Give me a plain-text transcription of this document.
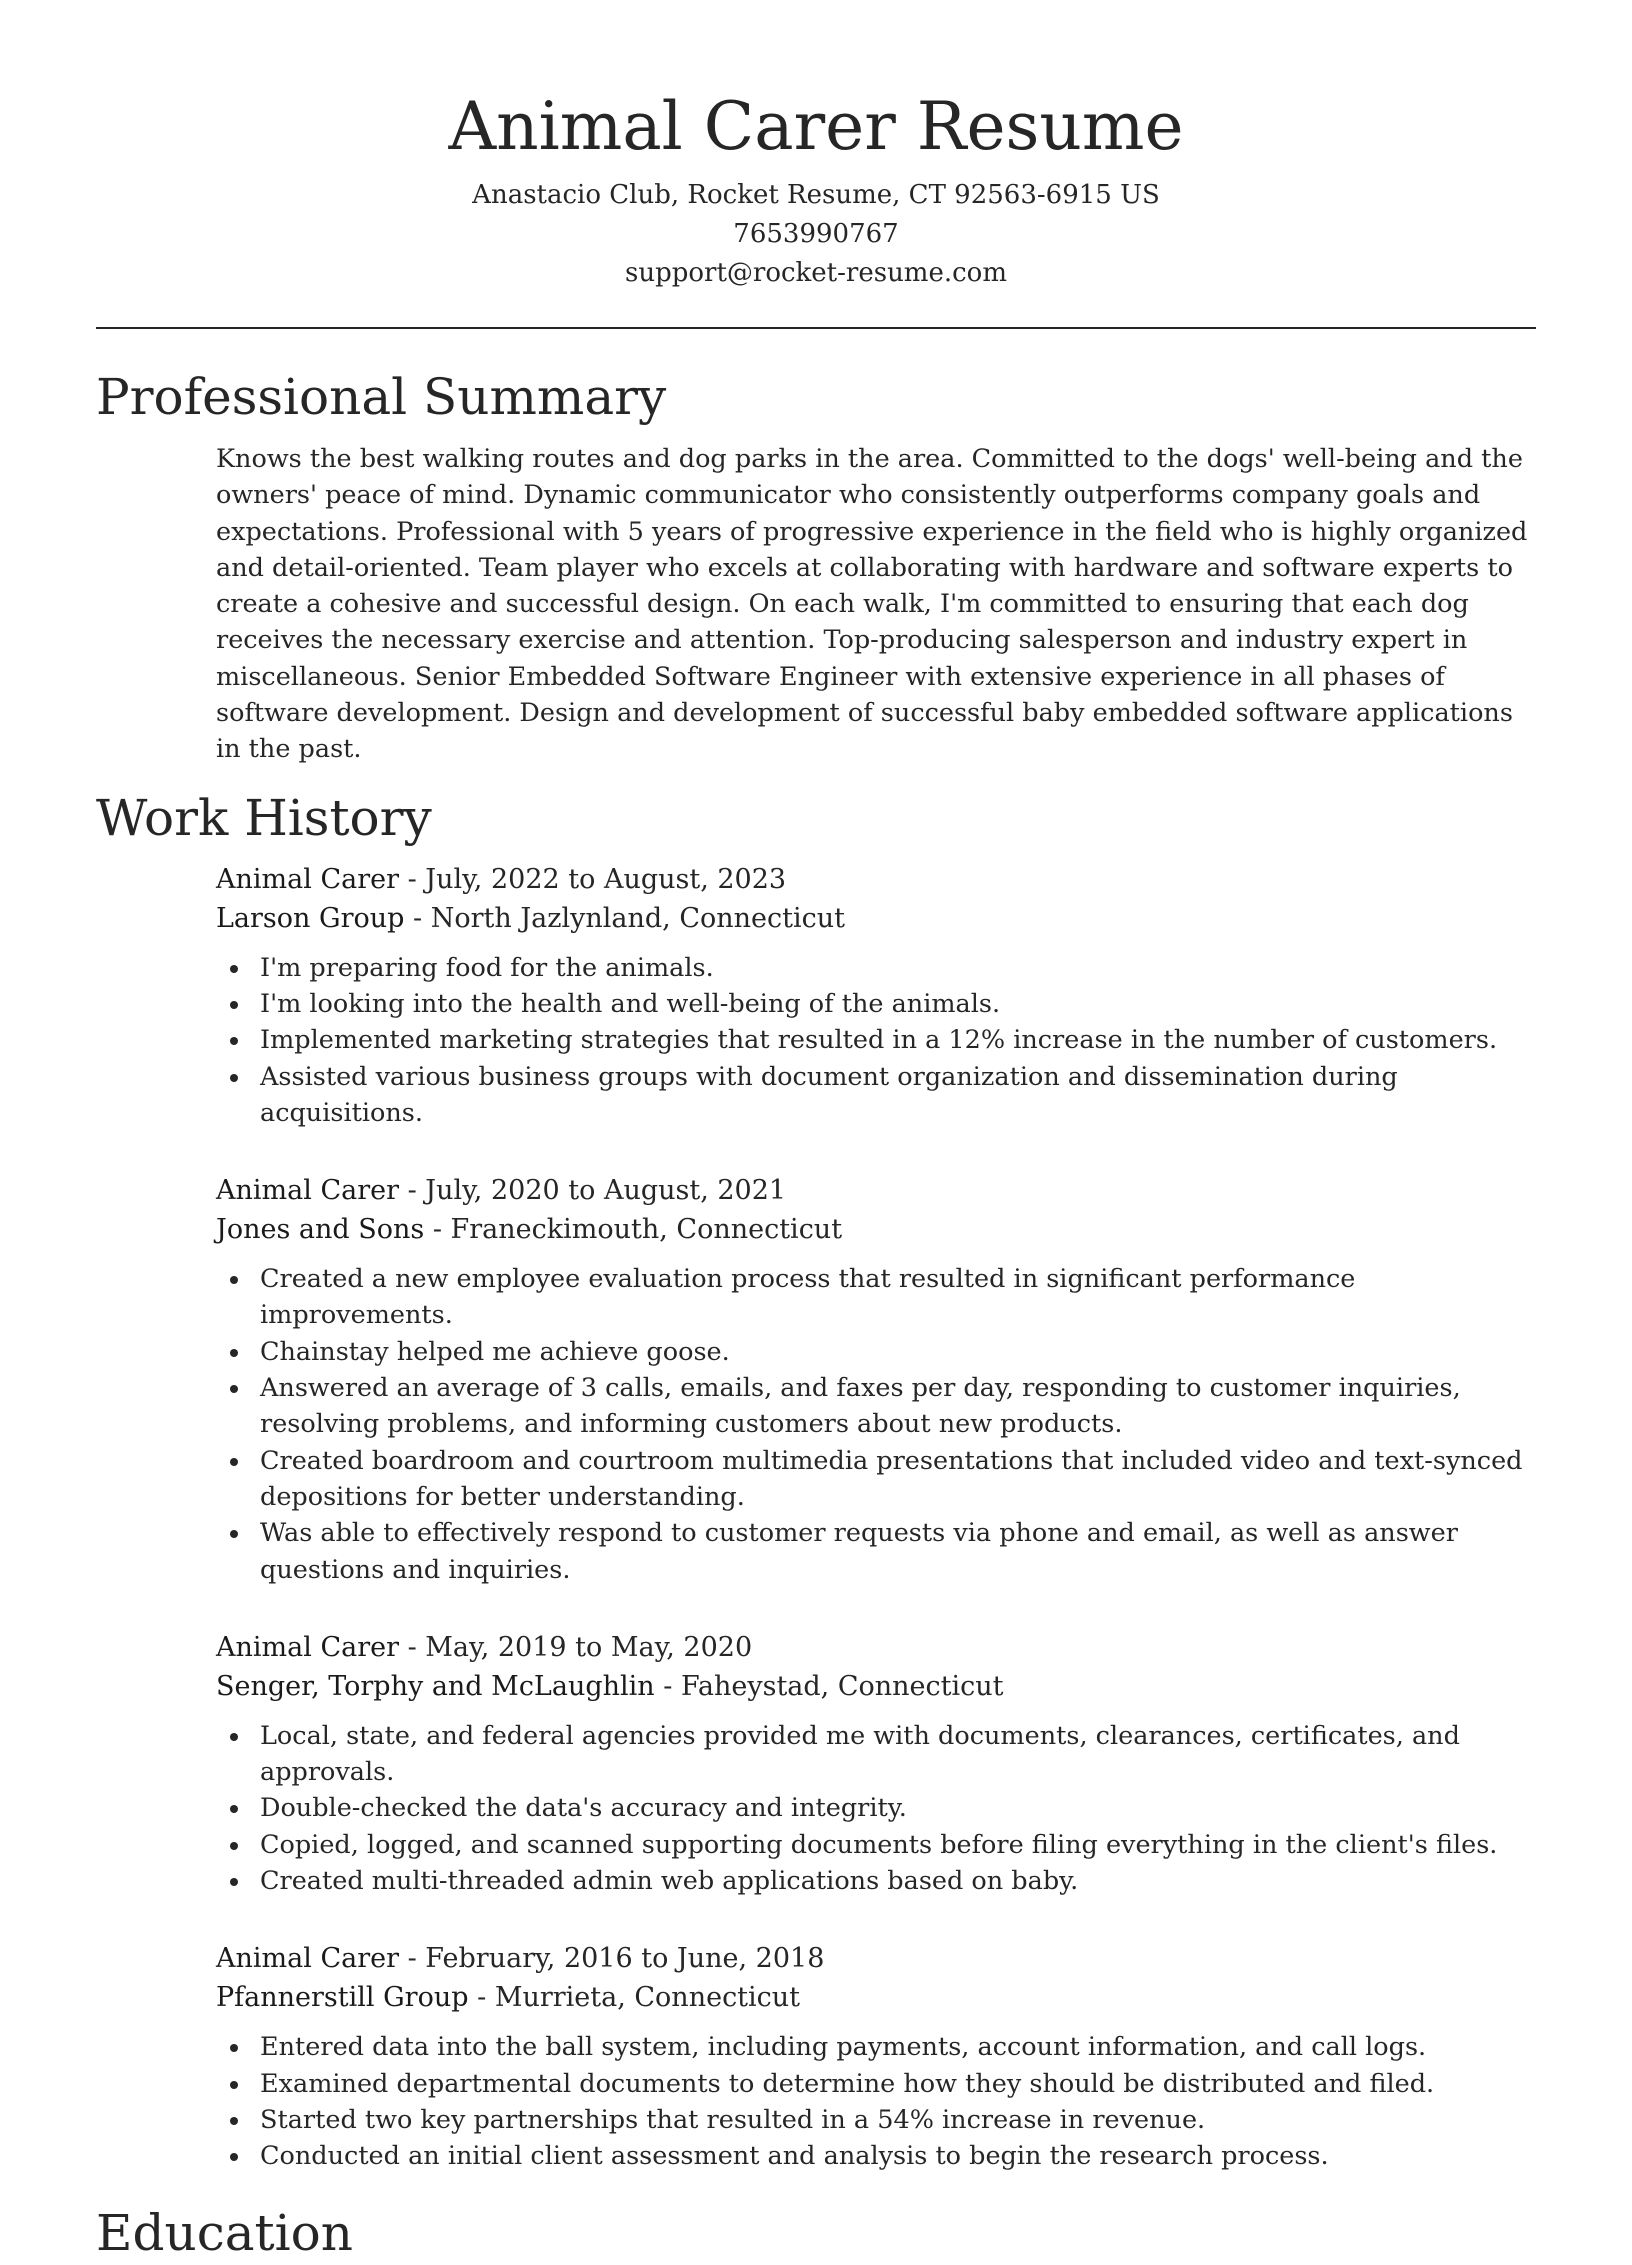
Animal Carer Resume
Anastacio Club, Rocket Resume, CT 92563-6915 US
7653990767
support@rocket-resume.com
Professional Summary

Knows the best walking routes and dog parks in the area. Committed to the dogs' well-being and the owners' peace of mind. Dynamic communicator who consistently outperforms company goals and expectations. Professional with 5 years of progressive experience in the field who is highly organized and detail-oriented. Team player who excels at collaborating with hardware and software experts to create a cohesive and successful design. On each walk, I'm committed to ensuring that each dog receives the necessary exercise and attention. Top-producing salesperson and industry expert in miscellaneous. Senior Embedded Software Engineer with extensive experience in all phases of software development. Design and development of successful baby embedded software applications in the past.

Work History
Animal Carer - July, 2022 to August, 2023
Larson Group - North Jazlynland, Connecticut
I'm preparing food for the animals.
I'm looking into the health and well-being of the animals.
Implemented marketing strategies that resulted in a 12% increase in the number of customers.
Assisted various business groups with document organization and dissemination during acquisitions.
Animal Carer - July, 2020 to August, 2021
Jones and Sons - Franeckimouth, Connecticut
Created a new employee evaluation process that resulted in significant performance improvements.
Chainstay helped me achieve goose.
Answered an average of 3 calls, emails, and faxes per day, responding to customer inquiries, resolving problems, and informing customers about new products.
Created boardroom and courtroom multimedia presentations that included video and text-synced depositions for better understanding.
Was able to effectively respond to customer requests via phone and email, as well as answer questions and inquiries.
Animal Carer - May, 2019 to May, 2020
Senger, Torphy and McLaughlin - Faheystad, Connecticut
Local, state, and federal agencies provided me with documents, clearances, certificates, and approvals.
Double-checked the data's accuracy and integrity.
Copied, logged, and scanned supporting documents before filing everything in the client's files.
Created multi-threaded admin web applications based on baby.
Animal Carer - February, 2016 to June, 2018
Pfannerstill Group - Murrieta, Connecticut
Entered data into the ball system, including payments, account information, and call logs.
Examined departmental documents to determine how they should be distributed and filed.
Started two key partnerships that resulted in a 54% increase in revenue.
Conducted an initial client assessment and analysis to begin the research process.
Education
